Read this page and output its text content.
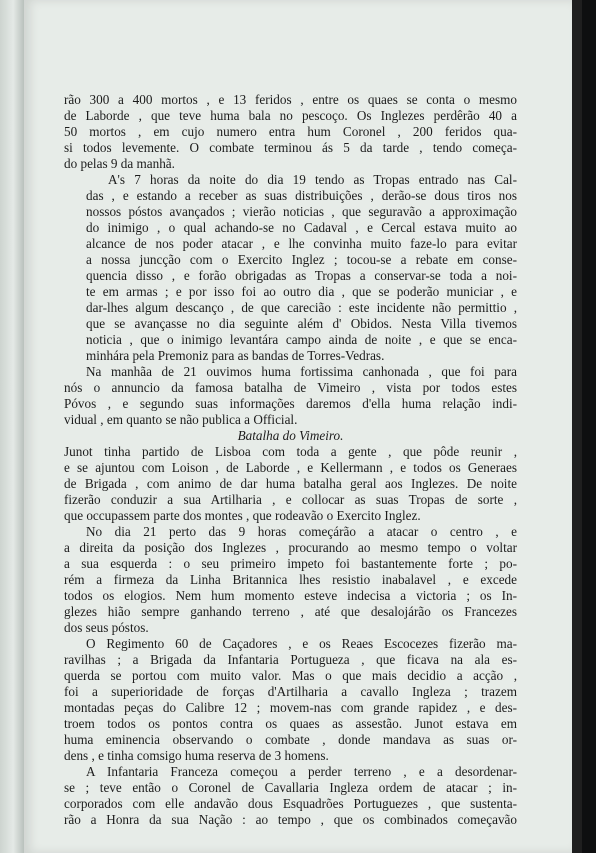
rão 300 a 400 mortos , e 13 feridos , entre os quaes se conta o mesmo
de Laborde , que teve huma bala no pescoço. Os Inglezes perdêrão 40 a
50 mortos , em cujo numero entra hum Coronel , 200 feridos qua-
si todos levemente. O combate terminou ás 5 da tarde , tendo começa-
do pelas 9 da manhã.

A's 7 horas da noite do dia 19 tendo as Tropas entrado nas Cal-
das , e estando a receber as suas distribuições , derão-se dous tiros nos
nossos póstos avançados ; vierão noticias , que seguravão a approximação
do inimigo , o qual achando-se no Cadaval , e Cercal estava muito ao
alcance de nos poder atacar , e lhe convinha muito faze-lo para evitar
a nossa juncção com o Exercito Inglez ; tocou-se a rebate em conse-
quencia disso , e forão obrigadas as Tropas a conservar-se toda a noi-
te em armas ; e por isso foi ao outro dia , que se poderão municiar , e
dar-lhes algum descanço , de que carecião : este incidente não permittio ,
que se avançasse no dia seguinte além d' Obidos. Nesta Villa tivemos
noticia , que o inimigo levantára campo ainda de noite , e que se enca-
minhára pela Premoniz para as bandas de Torres-Vedras.

Na manhãa de 21 ouvimos huma fortissima canhonada , que foi para
nós o annuncio da famosa batalha de Vimeiro , vista por todos estes
Póvos , e segundo suas informações daremos d'ella huma relação indi-
vidual , em quanto se não publica a Official.

Batalha do Vimeiro.

Junot tinha partido de Lisboa com toda a gente , que pôde reunir ,
e se ajuntou com Loison , de Laborde , e Kellermann , e todos os Generaes
de Brigada , com animo de dar huma batalha geral aos Inglezes. De noite
fizerão conduzir a sua Artilharia , e collocar as suas Tropas de sorte ,
que occupassem parte dos montes , que rodeavão o Exercito Inglez.

No dia 21 perto das 9 horas começárão a atacar o centro , e
a direita da posição dos Inglezes , procurando ao mesmo tempo o voltar
a sua esquerda : o seu primeiro impeto foi bastantemente forte ; po-
rém a firmeza da Linha Britannica lhes resistio inabalavel , e excede
todos os elogios. Nem hum momento esteve indecisa a victoria ; os In-
glezes hião sempre ganhando terreno , até que desalojárão os Francezes
dos seus póstos.

O Regimento 60 de Caçadores , e os Reaes Escocezes fizerão ma-
ravilhas ; a Brigada da Infantaria Portugueza , que ficava na ala es-
querda se portou com muito valor. Mas o que mais decidio a acção ,
foi a superioridade de forças d'Artilharia a cavallo Ingleza ; trazem
montadas peças do Calibre 12 ; movem-nas com grande rapidez , e des-
troem todos os pontos contra os quaes as assestão. Junot estava em
huma eminencia observando o combate , donde mandava as suas or-
dens , e tinha comsigo huma reserva de 3 homens.

A Infantaria Franceza começou a perder terreno , e a desordenar-
se ; teve então o Coronel de Cavallaria Ingleza ordem de atacar ; in-
corporados com elle andavão dous Esquadrões Portuguezes , que sustenta-
rão a Honra da sua Nação : ao tempo , que os combinados começavão
